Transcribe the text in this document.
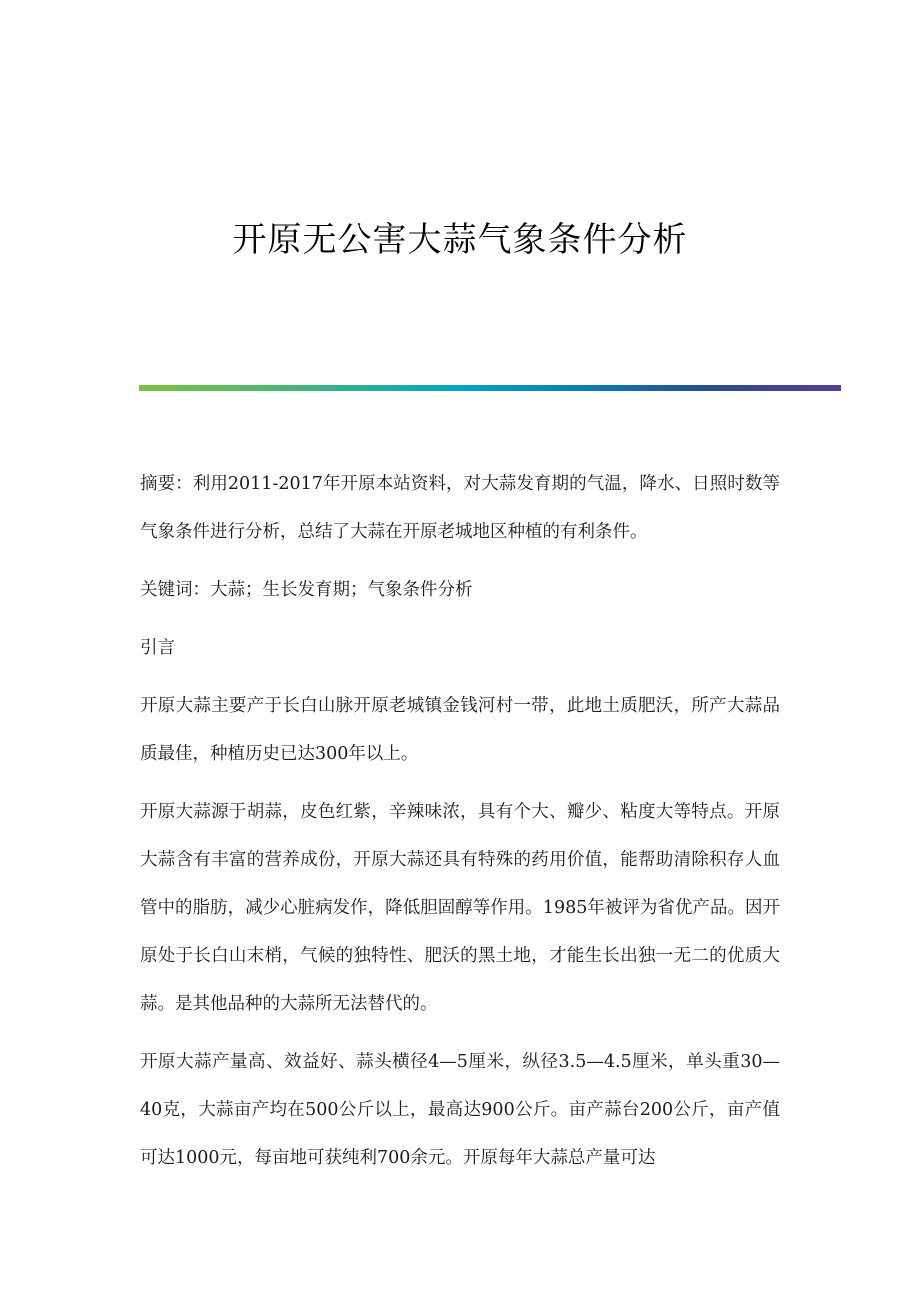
开原无公害大蒜气象条件分析

摘要：利用2011-2017年开原本站资料，对大蒜发育期的气温，降水、日照时数等气象条件进行分析，总结了大蒜在开原老城地区种植的有利条件。

关键词：大蒜；生长发育期；气象条件分析

引言

开原大蒜主要产于长白山脉开原老城镇金钱河村一带，此地土质肥沃，所产大蒜品质最佳，种植历史已达300年以上。

开原大蒜源于胡蒜，皮色红紫，辛辣味浓，具有个大、瓣少、粘度大等特点。开原大蒜含有丰富的营养成份，开原大蒜还具有特殊的药用价值，能帮助清除积存人血管中的脂肪，减少心脏病发作，降低胆固醇等作用。1985年被评为省优产品。因开原处于长白山末梢，气候的独特性、肥沃的黑土地，才能生长出独一无二的优质大蒜。是其他品种的大蒜所无法替代的。

开原大蒜产量高、效益好、蒜头横径4—5厘米，纵径3.5—4.5厘米，单头重30—40克，大蒜亩产均在500公斤以上，最高达900公斤。亩产蒜台200公斤，亩产值可达1000元，每亩地可获纯利700余元。开原每年大蒜总产量可达
